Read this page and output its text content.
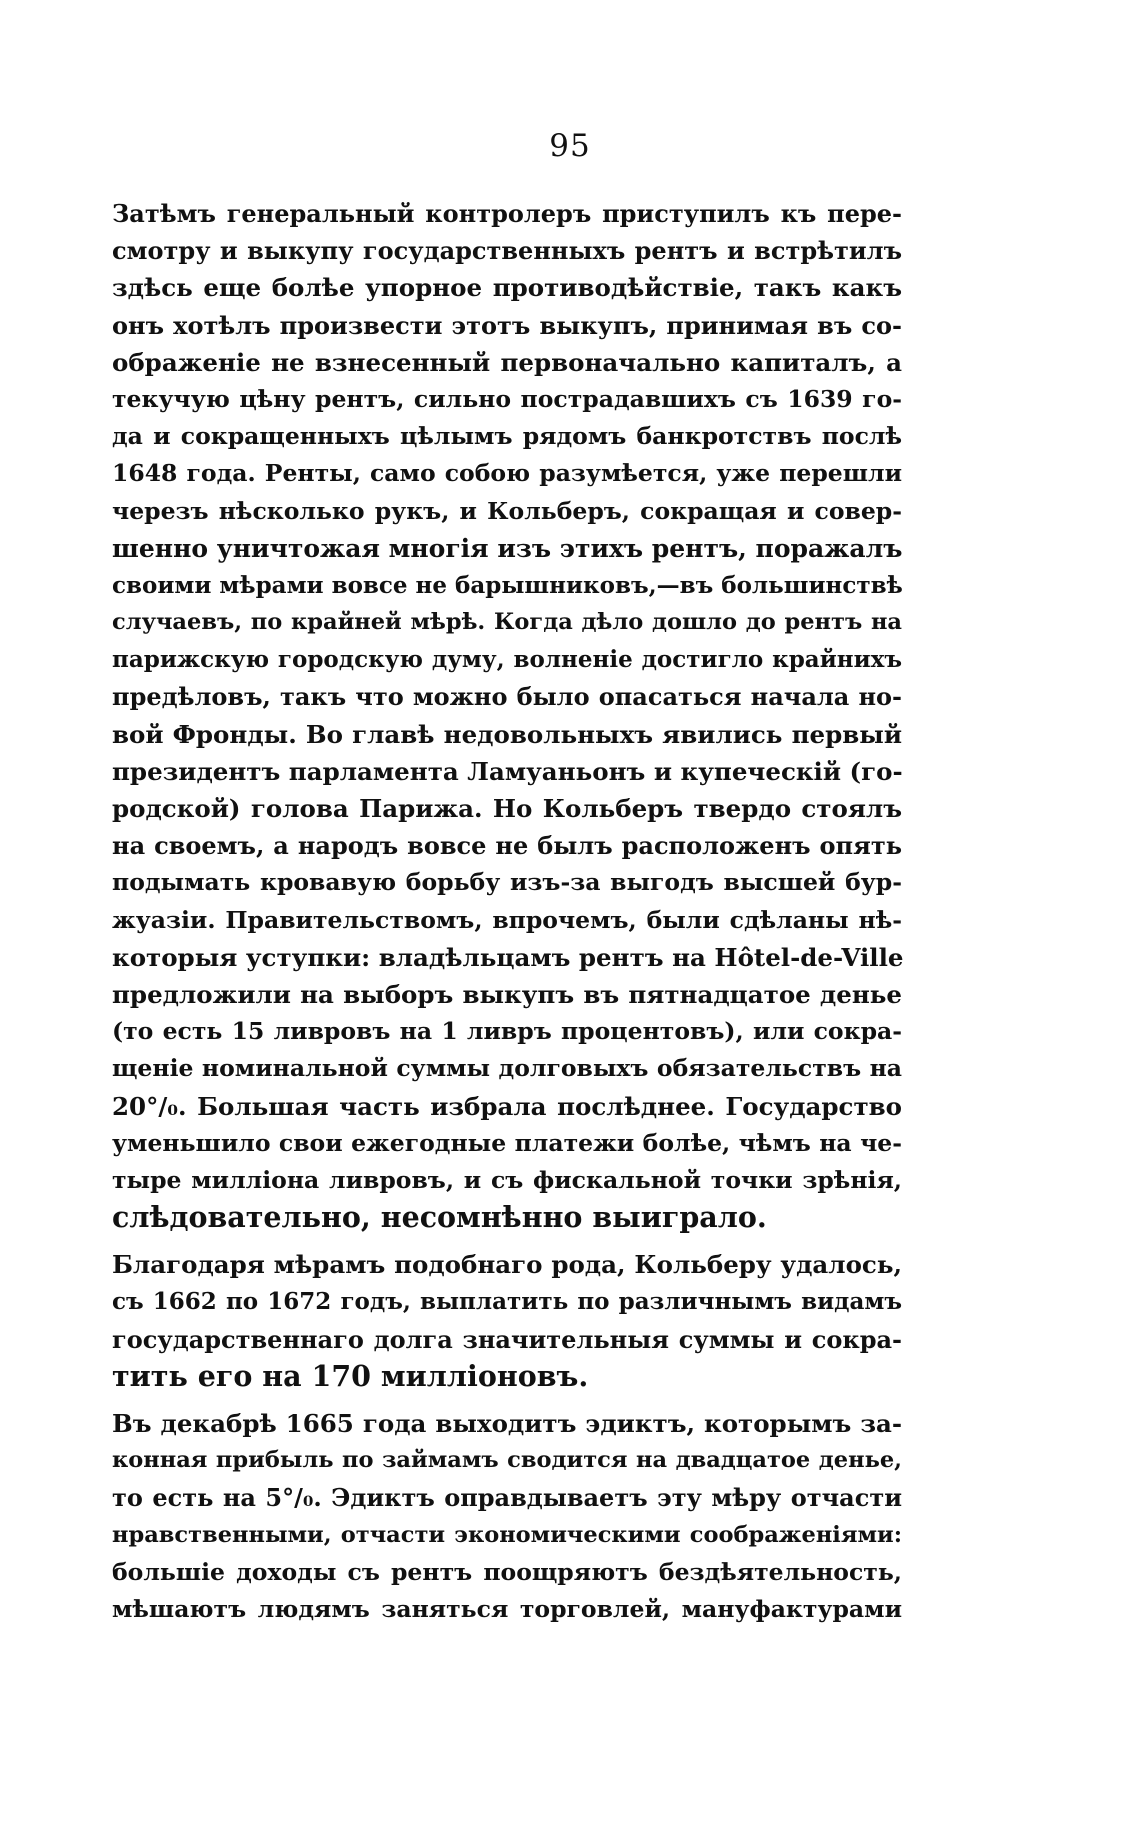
95
Затѣмъ генеральный контролеръ приступилъ къ пере-
смотру и выкупу государственныхъ рентъ и встрѣтилъ
здѣсь еще болѣе упорное противодѣйствіе, такъ какъ
онъ хотѣлъ произвести этотъ выкупъ, принимая въ со-
ображеніе не взнесенный первоначально капиталъ, а
текучую цѣну рентъ, сильно пострадавшихъ съ 1639 го-
да и сокращенныхъ цѣлымъ рядомъ банкротствъ послѣ
1648 года. Ренты, само собою разумѣется, уже перешли
черезъ нѣсколько рукъ, и Кольберъ, сокращая и совер-
шенно уничтожая многія изъ этихъ рентъ, поражалъ
своими мѣрами вовсе не барышниковъ,—въ большинствѣ
случаевъ, по крайней мѣрѣ. Когда дѣло дошло до рентъ на
парижскую городскую думу, волненіе достигло крайнихъ
предѣловъ, такъ что можно было опасаться начала но-
вой Фронды. Во главѣ недовольныхъ явились первый
президентъ парламента Ламуаньонъ и купеческій (го-
родской) голова Парижа. Но Кольберъ твердо стоялъ
на своемъ, а народъ вовсе не былъ расположенъ опять
подымать кровавую борьбу изъ-за выгодъ высшей бур-
жуазіи. Правительствомъ, впрочемъ, были сдѣланы нѣ-
которыя уступки: владѣльцамъ рентъ на Hôtel-de-Ville
предложили на выборъ выкупъ въ пятнадцатое денье
(то есть 15 ливровъ на 1 ливръ процентовъ), или сокра-
щеніе номинальной суммы долговыхъ обязательствъ на
20°/₀. Большая часть избрала послѣднее. Государство
уменьшило свои ежегодные платежи болѣе, чѣмъ на че-
тыре милліона ливровъ, и съ фискальной точки зрѣнія,
слѣдовательно, несомнѣнно выиграло.
Благодаря мѣрамъ подобнаго рода, Кольберу удалось,
съ 1662 по 1672 годъ, выплатить по различнымъ видамъ
государственнаго долга значительныя суммы и сокра-
тить его на 170 милліоновъ.
Въ декабрѣ 1665 года выходитъ эдиктъ, которымъ за-
конная прибыль по займамъ сводится на двадцатое денье,
то есть на 5°/₀. Эдиктъ оправдываетъ эту мѣру отчасти
нравственными, отчасти экономическими соображеніями:
большіе доходы съ рентъ поощряютъ бездѣятельность,
мѣшаютъ людямъ заняться торговлей, мануфактурами
